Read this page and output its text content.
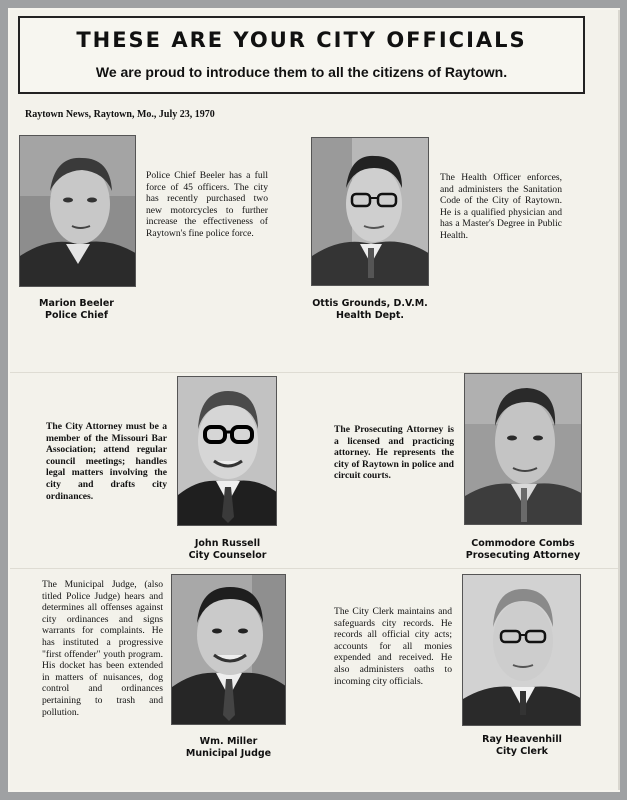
THESE ARE YOUR CITY OFFICIALS
We are proud to introduce them to all the citizens of Raytown.
Raytown News, Raytown, Mo., July 23, 1970
Police Chief Beeler has a full force of 45 officers. The city has recently purchased two new motorcycles to further increase the effectiveness of Raytown's fine police force.
Marion Beeler
Police Chief
The Health Officer enforces, and administers the Sanitation Code of the City of Raytown. He is a qualified physician and has a Master's Degree in Public Health.
Ottis Grounds, D.V.M.
Health Dept.
The City Attorney must be a member of the Missouri Bar Association; attend regular council meetings; handles legal matters involving the city and drafts city ordinances.
John Russell
City Counselor
The Prosecuting Attorney is a licensed and practicing attorney. He represents the city of Raytown in police and circuit courts.
Commodore Combs
Prosecuting Attorney
The Municipal Judge, (also titled Police Judge) hears and determines all offenses against city ordinances and signs warrants for complaints. He has instituted a progressive "first offender" youth program. His docket has been extended in matters of nuisances, dog control and ordinances pertaining to trash and pollution.
Wm. Miller
Municipal Judge
The City Clerk maintains and safeguards city records. He records all official city acts; accounts for all monies expended and received. He also administers oaths to incoming city officials.
Ray Heavenhill
City Clerk
